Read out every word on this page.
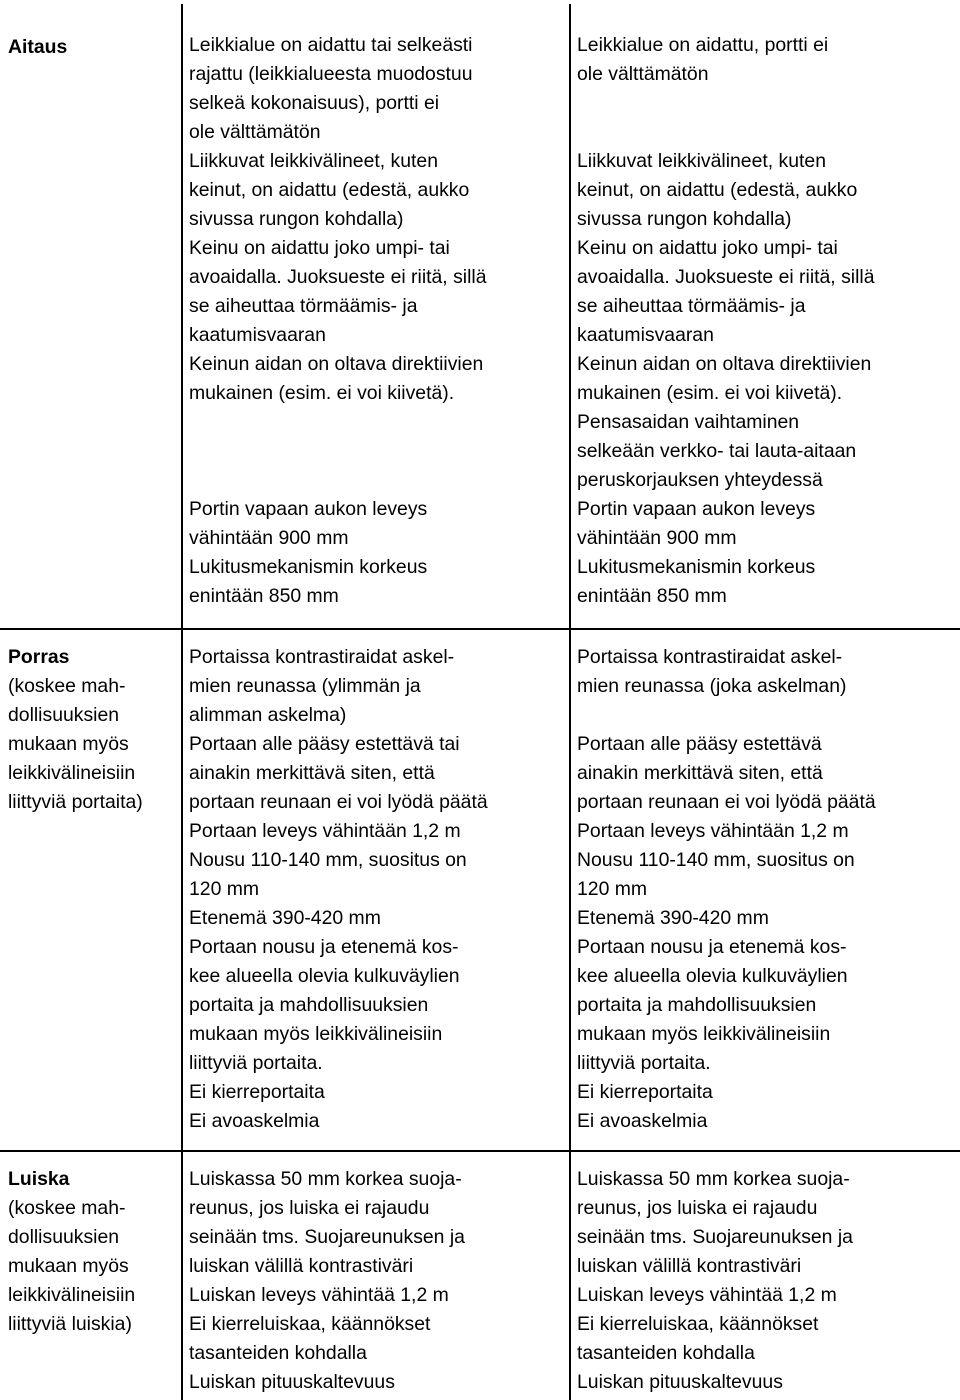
Aitaus	Leikkialue on aidattu tai selkeästi
rajattu (leikkialueesta muodostuu
selkeä kokonaisuus), portti ei
ole välttämätön
Liikkuvat leikkivälineet, kuten
keinut, on aidattu (edestä, aukko
sivussa rungon kohdalla)
Keinu on aidattu joko umpi- tai
avoaidalla. Juoksueste ei riitä, sillä
se aiheuttaa törmäämis- ja
kaatumisvaaran
Keinun aidan on oltava direktiivien
mukainen (esim. ei voi kiivetä).

Portin vapaan aukon leveys
vähintään 900 mm
Lukitusmekanismin korkeus
enintään 850 mm
Leikkialue on aidattu, portti ei
ole välttämätön

Liikkuvat leikkivälineet, kuten
keinut, on aidattu (edestä, aukko
sivussa rungon kohdalla)
Keinu on aidattu joko umpi- tai
avoaidalla. Juoksueste ei riitä, sillä
se aiheuttaa törmäämis- ja
kaatumisvaaran
Keinun aidan on oltava direktiivien
mukainen (esim. ei voi kiivetä).
Pensasaidan vaihtaminen
selkeään verkko- tai lauta-aitaan
peruskorjauksen yhteydessä
Portin vapaan aukon leveys
vähintään 900 mm
Lukitusmekanismin korkeus
enintään 850 mm
Porras
(koskee mah-
dollisuuksien
mukaan myös
leikkivälineisiin
liittyviä portaita)
Portaissa kontrastiraidat askel-
mien reunassa (ylimmän ja
alimman askelma)
Portaan alle pääsy estettävä tai
ainakin merkittävä siten, että
portaan reunaan ei voi lyödä päätä
Portaan leveys vähintään 1,2 m
Nousu 110-140 mm, suositus on
120 mm
Etenemä 390-420 mm
Portaan nousu ja etenemä kos-
kee alueella olevia kulkuväylien
portaita ja mahdollisuuksien
mukaan myös leikkivälineisiin
liittyviä portaita.
Ei kierreportaita
Ei avoaskelmia
Portaissa kontrastiraidat askel-
mien reunassa (joka askelman)

Portaan alle pääsy estettävä
ainakin merkittävä siten, että
portaan reunaan ei voi lyödä päätä
Portaan leveys vähintään 1,2 m
Nousu 110-140 mm, suositus on
120 mm
Etenemä 390-420 mm
Portaan nousu ja etenemä kos-
kee alueella olevia kulkuväylien
portaita ja mahdollisuuksien
mukaan myös leikkivälineisiin
liittyviä portaita.
Ei kierreportaita
Ei avoaskelmia
Luiska
(koskee mah-
dollisuuksien
mukaan myös
leikkivälineisiin
liittyviä luiskia)
Luiskassa 50 mm korkea suoja-
reunus, jos luiska ei rajaudu
seinään tms. Suojareunuksen ja
luiskan välillä kontrastiväri
Luiskan leveys vähintää 1,2 m
Ei kierreluiskaa, käännökset
tasanteiden kohdalla
Luiskan pituuskaltevuus
Luiskassa 50 mm korkea suoja-
reunus, jos luiska ei rajaudu
seinään tms. Suojareunuksen ja
luiskan välillä kontrastiväri
Luiskan leveys vähintää 1,2 m
Ei kierreluiskaa, käännökset
tasanteiden kohdalla
Luiskan pituuskaltevuus
